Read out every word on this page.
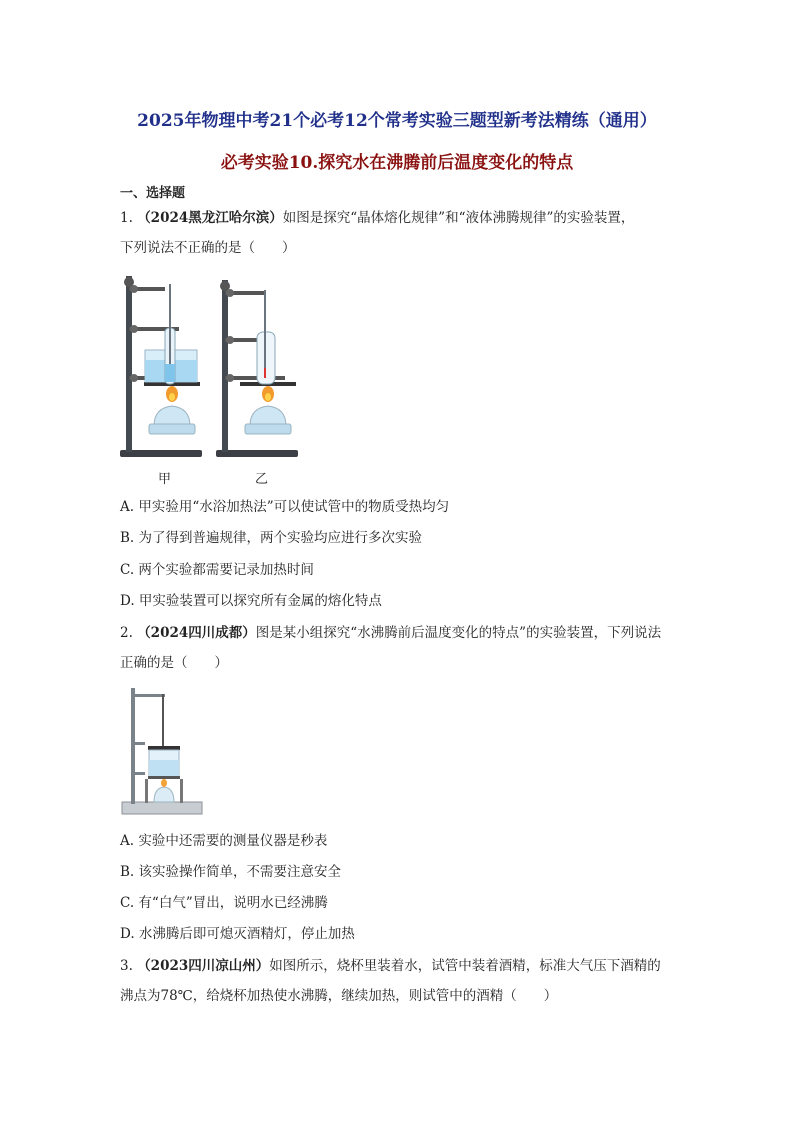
2025年物理中考21个必考12个常考实验三题型新考法精练（通用）
必考实验10.探究水在沸腾前后温度变化的特点
一、选择题
1. （2024黑龙江哈尔滨）如图是探究“晶体熔化规律”和“液体沸腾规律”的实验装置，
下列说法不正确的是（　　）
甲	乙
A. 甲实验用“水浴加热法”可以使试管中的物质受热均匀
B. 为了得到普遍规律，两个实验均应进行多次实验
C. 两个实验都需要记录加热时间
D. 甲实验装置可以探究所有金属的熔化特点
2. （2024四川成都）图是某小组探究“水沸腾前后温度变化的特点”的实验装置，下列说法
正确的是（　　）
A. 实验中还需要的测量仪器是秒表
B. 该实验操作简单，不需要注意安全
C. 有“白气”冒出，说明水已经沸腾
D. 水沸腾后即可熄灭酒精灯，停止加热
3. （2023四川凉山州）如图所示，烧杯里装着水，试管中装着酒精，标准大气压下酒精的
沸点为78℃，给烧杯加热使水沸腾，继续加热，则试管中的酒精（　　）
